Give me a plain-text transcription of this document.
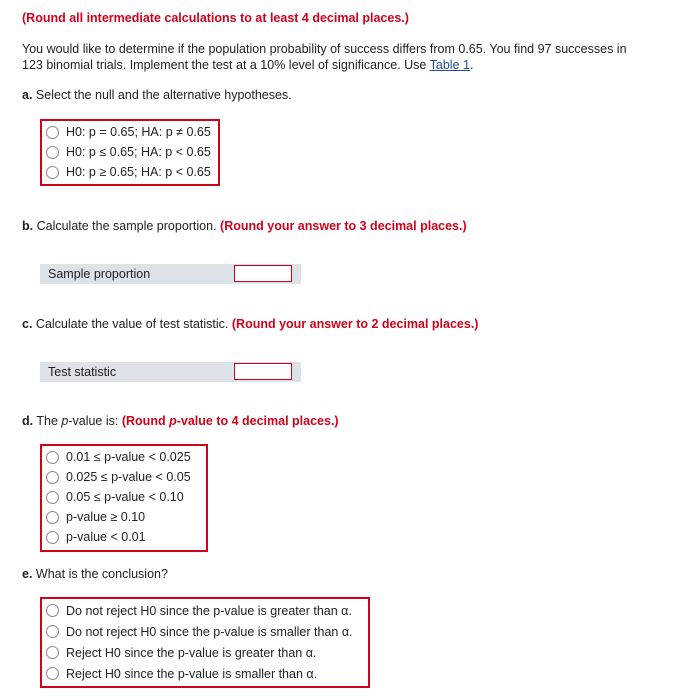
(Round all intermediate calculations to at least 4 decimal places.)
You would like to determine if the population probability of success differs from 0.65. You find 97 successes in 123 binomial trials. Implement the test at a 10% level of significance. Use Table 1.
a. Select the null and the alternative hypotheses.
H0: p = 0.65; HA: p ≠ 0.65
H0: p ≤ 0.65; HA: p < 0.65
H0: p ≥ 0.65; HA: p < 0.65
b. Calculate the sample proportion. (Round your answer to 3 decimal places.)
Sample proportion
c. Calculate the value of test statistic. (Round your answer to 2 decimal places.)
Test statistic
d. The p-value is: (Round p-value to 4 decimal places.)
0.01 ≤ p-value < 0.025
0.025 ≤ p-value < 0.05
0.05 ≤ p-value < 0.10
p-value ≥ 0.10
p-value < 0.01
e. What is the conclusion?
Do not reject H0 since the p-value is greater than α.
Do not reject H0 since the p-value is smaller than α.
Reject H0 since the p-value is greater than α.
Reject H0 since the p-value is smaller than α.
